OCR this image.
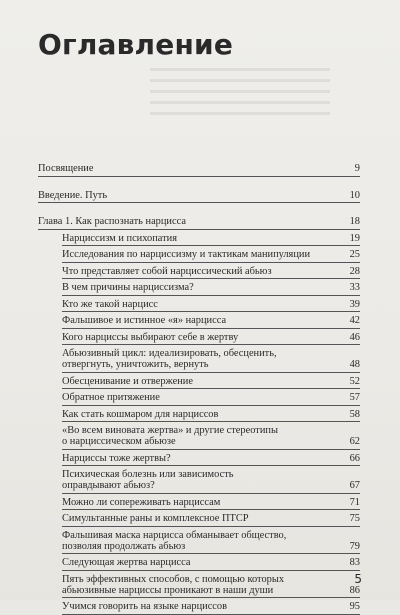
Оглавление
Посвящение	9
Введение. Путь	10
Глава 1. Как распознать нарцисса	18
Нарциссизм и психопатия	19
Исследования по нарциссизму и тактикам манипуляции	25
Что представляет собой нарциссический абьюз	28
В чем причины нарциссизма?	33
Кто же такой нарцисс	39
Фальшивое и истинное «я» нарцисса	42
Кого нарциссы выбирают себе в жертву	46
Абьюзивный цикл: идеализировать, обесценить,

отвергнуть, уничтожить, вернуть	48
Обесценивание и отвержение	52
Обратное притяжение	57
Как стать кошмаром для нарциссов	58
«Во всем виновата жертва» и другие стереотипы

о нарциссическом абьюзе	62
Нарциссы тоже жертвы?	66
Психическая болезнь или зависимость

оправдывают абьюз?	67
Можно ли сопереживать нарциссам	71
Симультанные раны и комплексное ПТСР	75
Фальшивая маска нарцисса обманывает общество,

позволяя продолжать абьюз	79
Следующая жертва нарцисса	83
Пять эффективных способов, с помощью которых

абьюзивные нарциссы проникают в наши души	86
Учимся говорить на языке нарциссов	95
5
